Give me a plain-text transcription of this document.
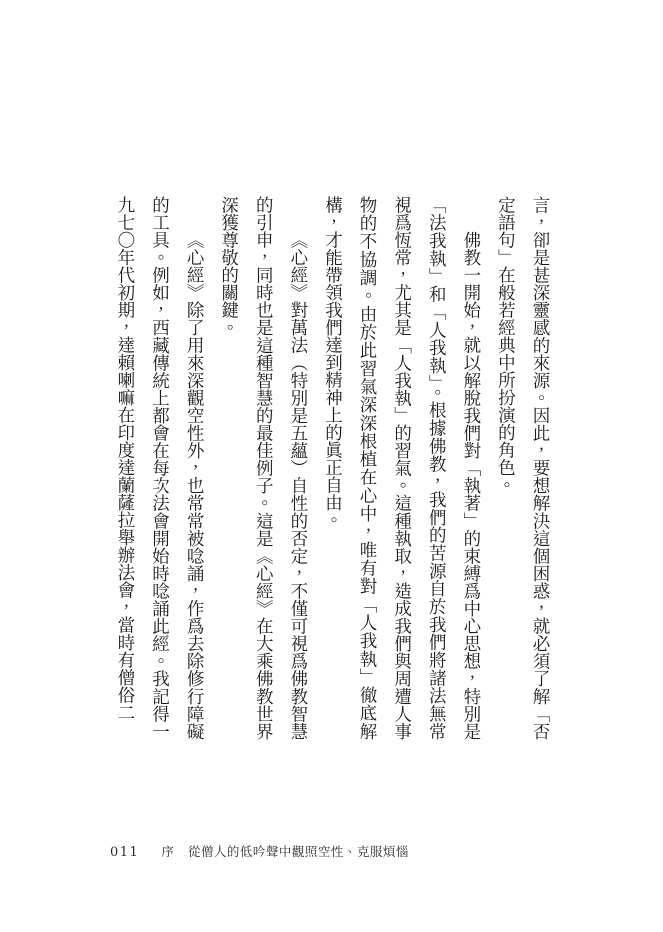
言，卻是甚深靈感的來源。因此，要想解決這個困惑，就必須了解「否定語句」在般若經典中所扮演的角色。

佛教一開始，就以解脫我們對「執著」的束縛爲中心思想，特別是「法我執」和「人我執」。根據佛教，我們的苦源自於我們將諸法無常視爲恆常，尤其是「人我執」的習氣。這種執取，造成我們與周遭人事物的不協調。由於此習氣深深根植在心中，唯有對「人我執」徹底解構，才能帶領我們達到精神上的眞正自由。

《心經》對萬法（特別是五蘊）自性的否定，不僅可視爲佛教智慧的引申，同時也是這種智慧的最佳例子。這是《心經》在大乘佛教世界深獲尊敬的關鍵。

《心經》除了用來深觀空性外，也常常被唸誦，作爲去除修行障礙的工具。例如，西藏傳統上都會在每次法會開始時唸誦此經。我記得一九七〇年代初期，達賴喇嘛在印度達蘭薩拉舉辦法會，當時有僧俗二

011 序 從僧人的低吟聲中觀照空性、克服煩惱
